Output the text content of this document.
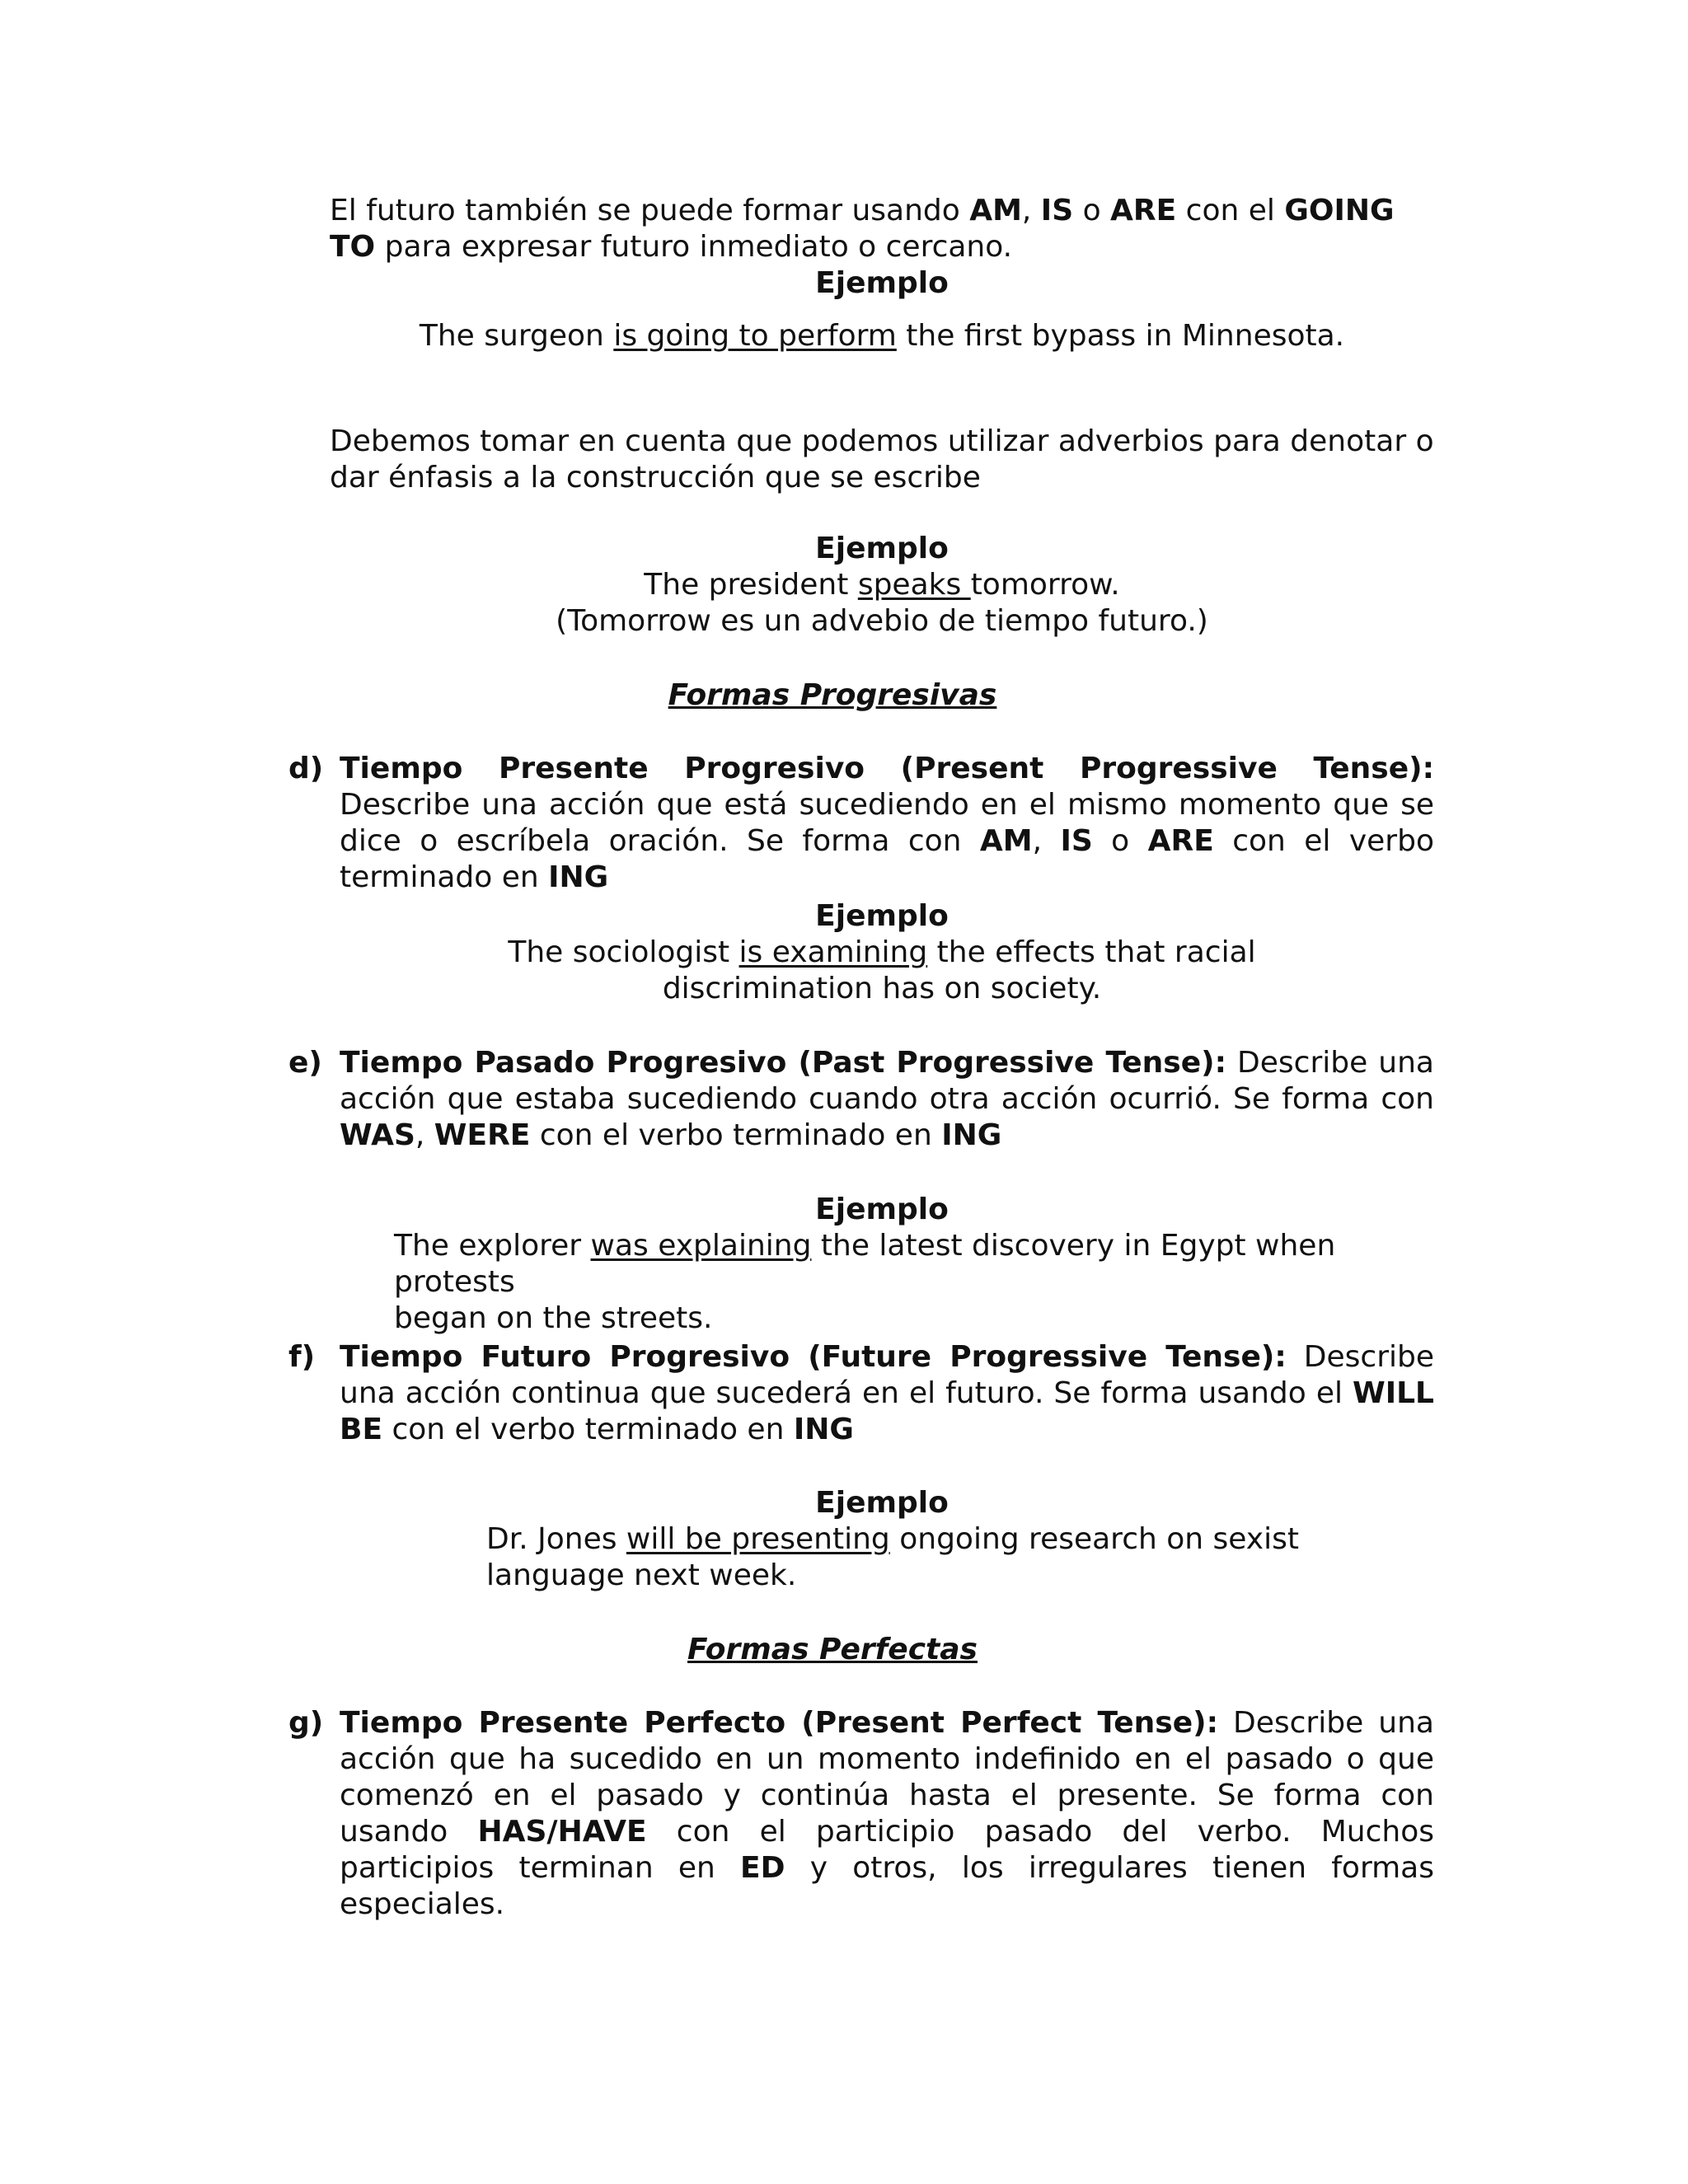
El futuro también se puede formar usando AM, IS o ARE con el GOING TO para expresar futuro inmediato o cercano.
Ejemplo
The surgeon is going to perform the first bypass in Minnesota.
Debemos tomar en cuenta que podemos utilizar adverbios para denotar o dar énfasis a la construcción que se escribe
Ejemplo
The president speaks tomorrow.
(Tomorrow es un advebio de tiempo futuro.)
Formas Progresivas
d) Tiempo Presente Progresivo (Present Progressive Tense): Describe una acción que está sucediendo en el mismo momento que se dice o escríbela oración. Se forma con AM, IS o ARE con el verbo terminado en ING
Ejemplo
The sociologist is examining the effects that racial
discrimination has on society.
e) Tiempo Pasado Progresivo (Past Progressive Tense): Describe una acción que estaba sucediendo cuando otra acción ocurrió. Se forma con WAS, WERE con el verbo terminado en ING
Ejemplo
The explorer was explaining the latest discovery in Egypt when protests
began on the streets.
f) Tiempo Futuro Progresivo (Future Progressive Tense): Describe una acción continua que sucederá en el futuro. Se forma usando el WILL BE con el verbo terminado en ING
Ejemplo
Dr. Jones will be presenting ongoing research on sexist
language next week.
Formas Perfectas
g) Tiempo Presente Perfecto (Present Perfect Tense): Describe una acción que ha sucedido en un momento indefinido en el pasado o que comenzó en el pasado y continúa hasta el presente. Se forma con usando HAS/HAVE con el participio pasado del verbo. Muchos participios terminan en ED y otros, los irregulares tienen formas especiales.
